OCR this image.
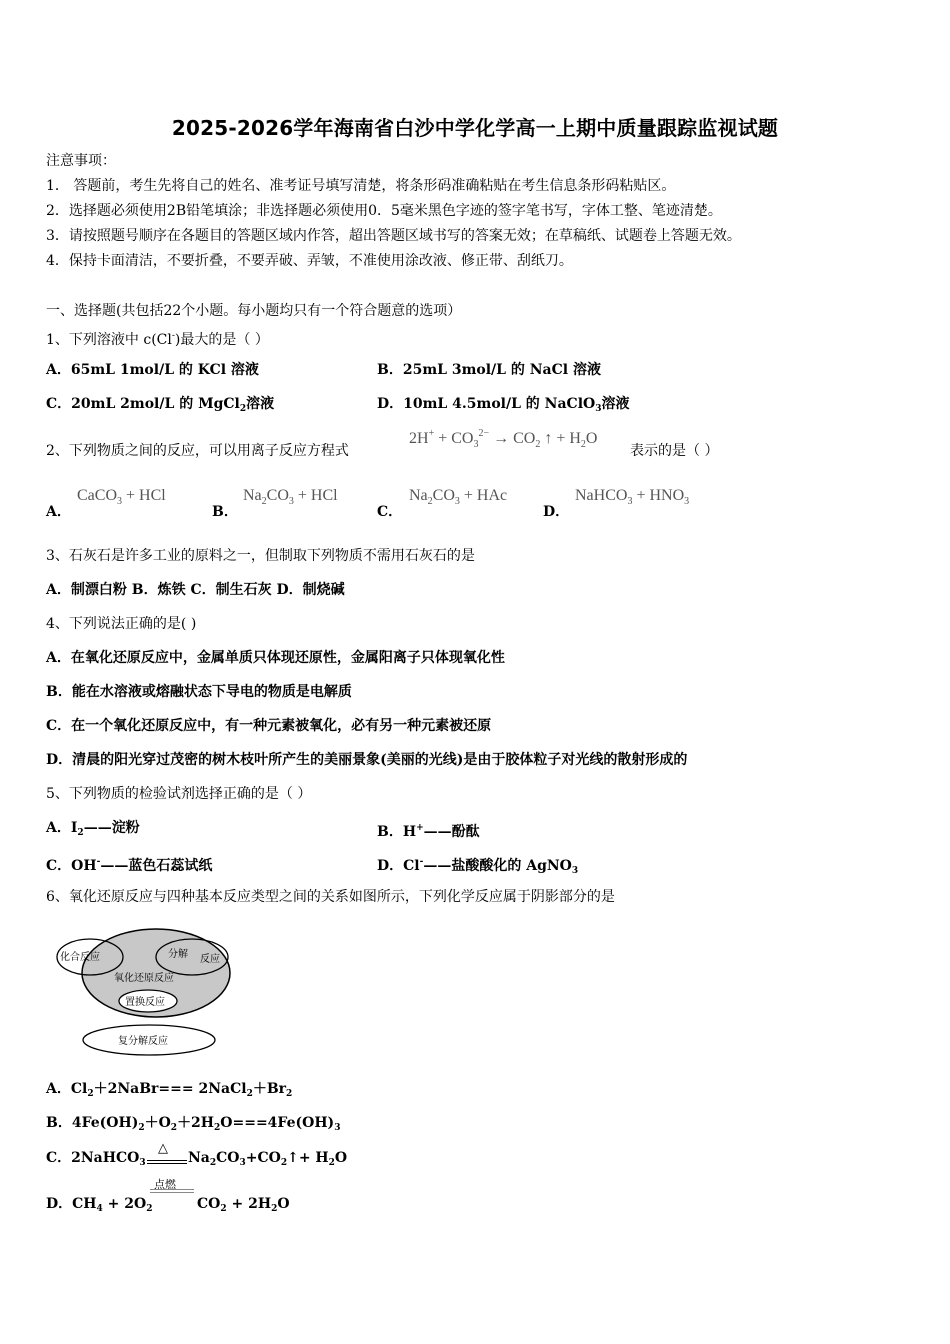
2025-2026学年海南省白沙中学化学高一上期中质量跟踪监视试题
注意事项：
1． 答题前，考生先将自己的姓名、准考证号填写清楚，将条形码准确粘贴在考生信息条形码粘贴区。
2．选择题必须使用2B铅笔填涂；非选择题必须使用0．5毫米黑色字迹的签字笔书写，字体工整、笔迹清楚。
3．请按照题号顺序在各题目的答题区域内作答，超出答题区域书写的答案无效；在草稿纸、试题卷上答题无效。
4．保持卡面清洁，不要折叠，不要弄破、弄皱，不准使用涂改液、修正带、刮纸刀。
一、选择题(共包括22个小题。每小题均只有一个符合题意的选项）
1、下列溶液中 c(Cl-)最大的是（ ）
A．65mL 1mol/L 的 KCl 溶液	B．25mL 3mol/L 的 NaCl 溶液
C．20mL 2mol/L 的 MgCl$_2$溶液	D．10mL 4.5mol/L 的 NaClO$_3$溶液
2、下列物质之间的反应，可以用离子反应方程式
$2H^+ + CO_3^{2-} \to CO_2$ ↑ + $H_2O$
表示的是（ ）
A．
CaCO$_3$ + HCl
B．
$Na_2CO_3$ + HCl
C．
$Na_2CO_3$ + HAc
D．
NaHCO$_3$ + $HNO_3$
3、石灰石是许多工业的原料之一，但制取下列物质不需用石灰石的是
A．制漂白粉 B．炼铁 C．制生石灰 D．制烧碱
4、下列说法正确的是( )
A．在氧化还原反应中，金属单质只体现还原性，金属阳离子只体现氧化性
B．能在水溶液或熔融状态下导电的物质是电解质
C．在一个氧化还原反应中，有一种元素被氧化，必有另一种元素被还原
D．清晨的阳光穿过茂密的树木枝叶所产生的美丽景象(美丽的光线)是由于胶体粒子对光线的散射形成的
5、下列物质的检验试剂选择正确的是（ ）
A．$I_2——$淀粉	B．H+——酚酞
C．OH-——蓝色石蕊试纸	D．Cl-——盐酸酸化的 AgNO$_3$
6、氧化还原反应与四种基本反应类型之间的关系如图所示，下列化学反应属于阴影部分的是
化合反应	分解 反应
氧化还原反应
置换反应
复分解反应
A．$Cl_2+2NaBr===$ $2NaCl_2+Br_2$
B．$4Fe(OH)_2+O_2+2H_2O===4Fe(OH)_3$
C．2NaHCO$_3$
△
$Na_2CO_3+CO_2↑+ H_2O$
点燃
D．$CH_4 + 2O_2$	$CO_2 + 2H_2O$
